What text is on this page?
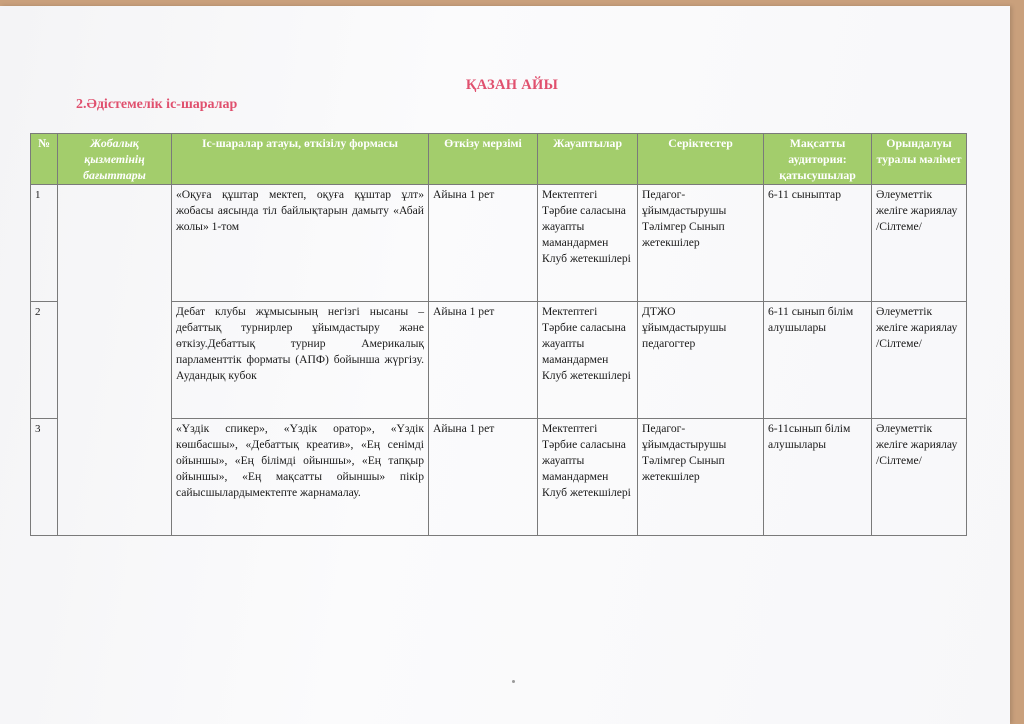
ҚАЗАН АЙЫ
2.Әдістемелік іс-шаралар
№	Жобалық қызметінің бағыттары	Іс-шаралар атауы, өткізілу формасы	Өткізу мерзімі	Жауаптылар	Серіктестер	Мақсатты аудитория: қатысушылар	Орындалуы туралы мәлімет
1		«Оқуға құштар мектеп, оқуға құштар ұлт» жобасы аясында тіл байлықтарын дамыту «Абай жолы» 1-том	Айына 1 рет	Мектептегі Тәрбие саласына жауапты мамандармен Клуб жетекшілері	Педагог-ұйымдастырушы Тәлімгер Сынып жетекшілер	6-11 сыныптар	Әлеуметтік желіге жариялау /Сілтеме/
2		Дебат клубы жұмысының негізгі нысаны – дебаттық турнирлер ұйымдастыру және өткізу.Дебаттық турнир Америкалық парламенттік форматы (АПФ) бойынша жүргізу. Аудандық кубок	Айына 1 рет	Мектептегі Тәрбие саласына жауапты мамандармен Клуб жетекшілері	ДТЖО ұйымдастырушы педагогтер	6-11 сынып білім алушылары	Әлеуметтік желіге жариялау /Сілтеме/
3		«Үздік спикер», «Үздік оратор», «Үздік көшбасшы», «Дебаттық креатив», «Ең сенімді ойыншы», «Ең білімді ойыншы», «Ең тапқыр ойыншы», «Ең мақсатты ойыншы» пікір сайысшылардымектепте жарнамалау.	Айына 1 рет	Мектептегі Тәрбие саласына жауапты мамандармен Клуб жетекшілері	Педагог-ұйымдастырушы Тәлімгер Сынып жетекшілер	6-11сынып білім алушылары	Әлеуметтік желіге жариялау /Сілтеме/
